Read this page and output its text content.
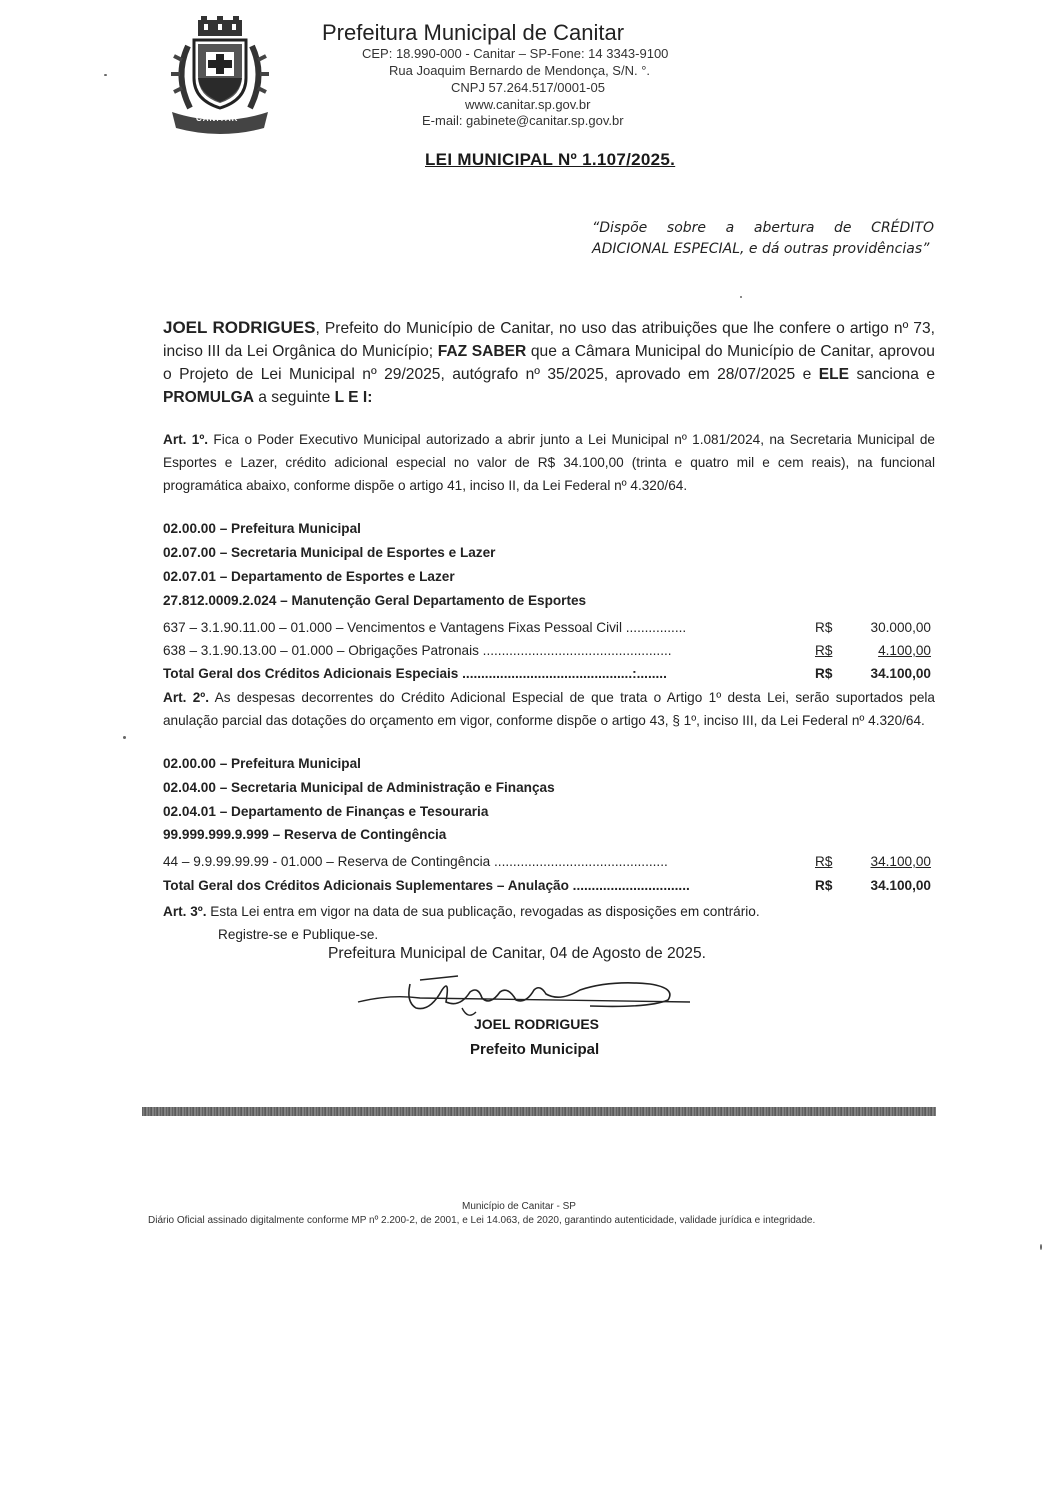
CANITAR
Prefeitura Municipal de Canitar
CEP: 18.990-000 - Canitar – SP-Fone: 14 3343-9100
Rua Joaquim Bernardo de Mendonça, S/N. °.
CNPJ 57.264.517/0001-05
www.canitar.sp.gov.br
E-mail: gabinete@canitar.sp.gov.br
LEI MUNICIPAL Nº 1.107/2025.
“Dispõe sobre a abertura de CRÉDITO ADICIONAL ESPECIAL, e dá outras providências”
JOEL RODRIGUES, Prefeito do Município de Canitar, no uso das atribuições que lhe confere o artigo nº 73, inciso III da Lei Orgânica do Município; FAZ SABER que a Câmara Municipal do Município de Canitar, aprovou o Projeto de Lei Municipal nº 29/2025, autógrafo nº 35/2025, aprovado em 28/07/2025 e ELE sanciona e PROMULGA a seguinte L E I:
Art. 1º. Fica o Poder Executivo Municipal autorizado a abrir junto a Lei Municipal nº 1.081/2024, na Secretaria Municipal de Esportes e Lazer, crédito adicional especial no valor de R$ 34.100,00 (trinta e quatro mil e cem reais), na funcional programática abaixo, conforme dispõe o artigo 41, inciso II, da Lei Federal nº 4.320/64.
02.00.00 – Prefeitura Municipal
02.07.00 – Secretaria Municipal de Esportes e Lazer
02.07.01 – Departamento de Esportes e Lazer
27.812.0009.2.024 – Manutenção Geral Departamento de Esportes
637 – 3.1.90.11.00 – 01.000 – Vencimentos e Vantagens Fixas Pessoal Civil ................	R$	30.000,00
638 – 3.1.90.13.00 – 01.000 – Obrigações Patronais ..................................................	R$	4.100,00
Total Geral dos Créditos Adicionais Especiais .............................................:........	R$	34.100,00
Art. 2º. As despesas decorrentes do Crédito Adicional Especial de que trata o Artigo 1º desta Lei, serão suportados pela anulação parcial das dotações do orçamento em vigor, conforme dispõe o artigo 43, § 1º, inciso III, da Lei Federal nº 4.320/64.
02.00.00 – Prefeitura Municipal
02.04.00 – Secretaria Municipal de Administração e Finanças
02.04.01 – Departamento de Finanças e Tesouraria
99.999.999.9.999 – Reserva de Contingência
44 – 9.9.99.99.99 - 01.000 – Reserva de Contingência ..............................................	R$	34.100,00
Total Geral dos Créditos Adicionais Suplementares – Anulação ...............................	R$	34.100,00
Art. 3º. Esta Lei entra em vigor na data de sua publicação, revogadas as disposições em contrário.
Registre-se e Publique-se.
Prefeitura Municipal de Canitar, 04 de Agosto de 2025.
JOEL RODRIGUES
Prefeito Municipal
Município de Canitar - SP
Diário Oficial assinado digitalmente conforme MP nº 2.200-2, de 2001, e Lei 14.063, de 2020, garantindo autenticidade, validade jurídica e integridade.
